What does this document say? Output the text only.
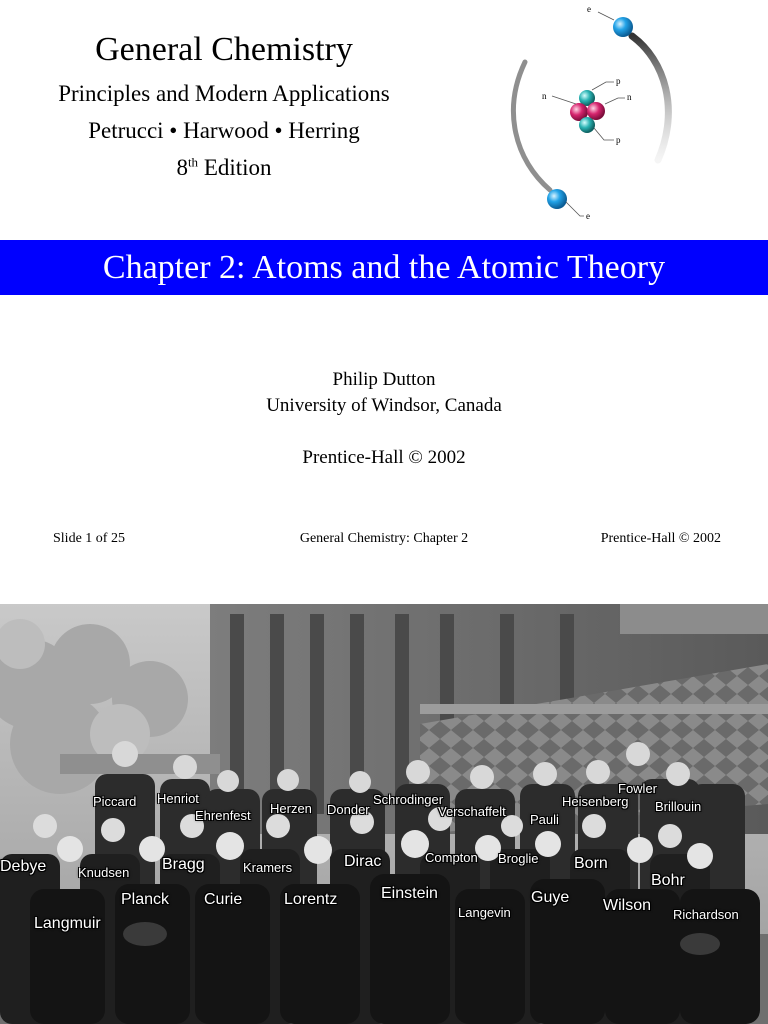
General Chemistry
Principles and Modern Applications
Petrucci • Harwood • Herring
8th Edition
e
p
n	n
p
e
Chapter 2: Atoms and the Atomic Theory
Philip Dutton
University of Windsor, Canada
Prentice-Hall © 2002
Slide 1 of 25	General Chemistry: Chapter 2	Prentice-Hall © 2002
Piccard Henriot
Ehrenfest Herzen Donder
Schrodinger
Verschaffelt
Pauli
Heisenberg
Fowler
Brillouin
Debye Knudsen Bragg	Kramers	Dirac	Compton Broglie Born
Bohr
Langmuir
Planck Curie	Lorentz	Einstein
Langevin
Guye Wilson
Richardson
